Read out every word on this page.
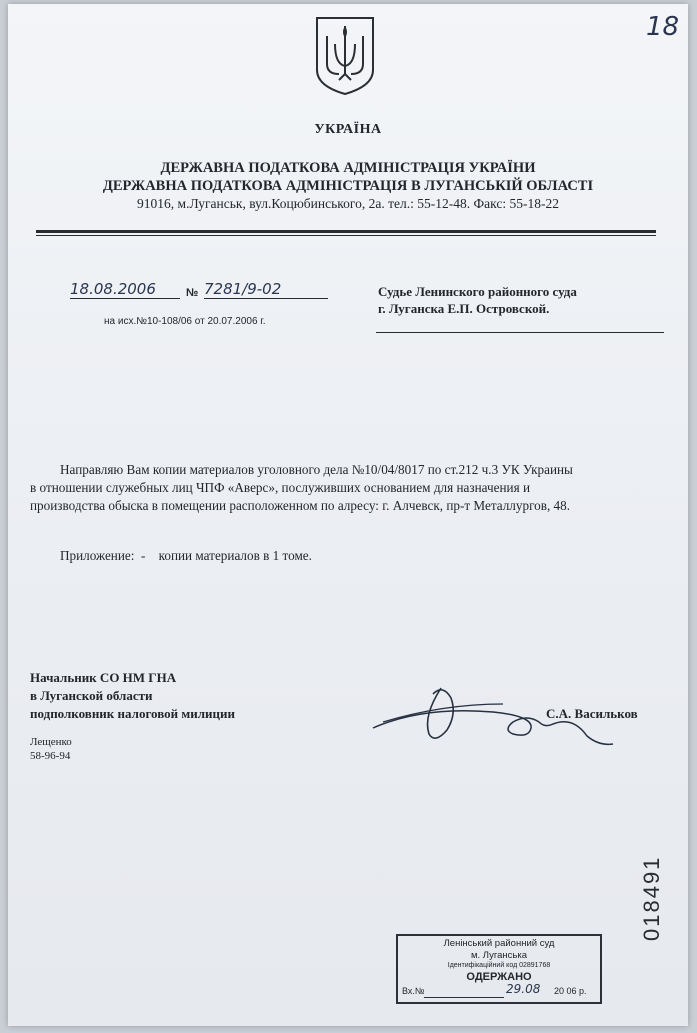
18
УКРАЇНА
ДЕРЖАВНА ПОДАТКОВА АДМІНІСТРАЦІЯ УКРАЇНИ
ДЕРЖАВНА ПОДАТКОВА АДМІНІСТРАЦІЯ В ЛУГАНСЬКІЙ ОБЛАСТІ
91016, м.Луганськ, вул.Коцюбинського, 2а. тел.: 55-12-48. Факс: 55-18-22
18.08.2006	№ 7281/9-02
на исх.№10-108/06 от 20.07.2006 г.
Судье Ленинского районного суда
г. Луганска Е.П. Островской.
Направляю Вам копии материалов уголовного дела №10/04/8017 по ст.212 ч.3 УК Украины
в отношении служебных лиц ЧПФ «Аверс», послуживших основанием для назначения и
производства обыска в помещении расположенном по алресу: г. Алчевск, пр-т Металлургов, 48.
Приложение:  -    копии материалов в 1 томе.
Начальник СО НМ ГНА
в Луганской области
подполковник налоговой милиции	С.А. Васильков
Лещенко
58-96-94
018491
Ленінський районний суд
м. Луганська
Ідентифікаційний код 02891768
ОДЕРЖАНО
Вх.№	29.08 20 06 р.
